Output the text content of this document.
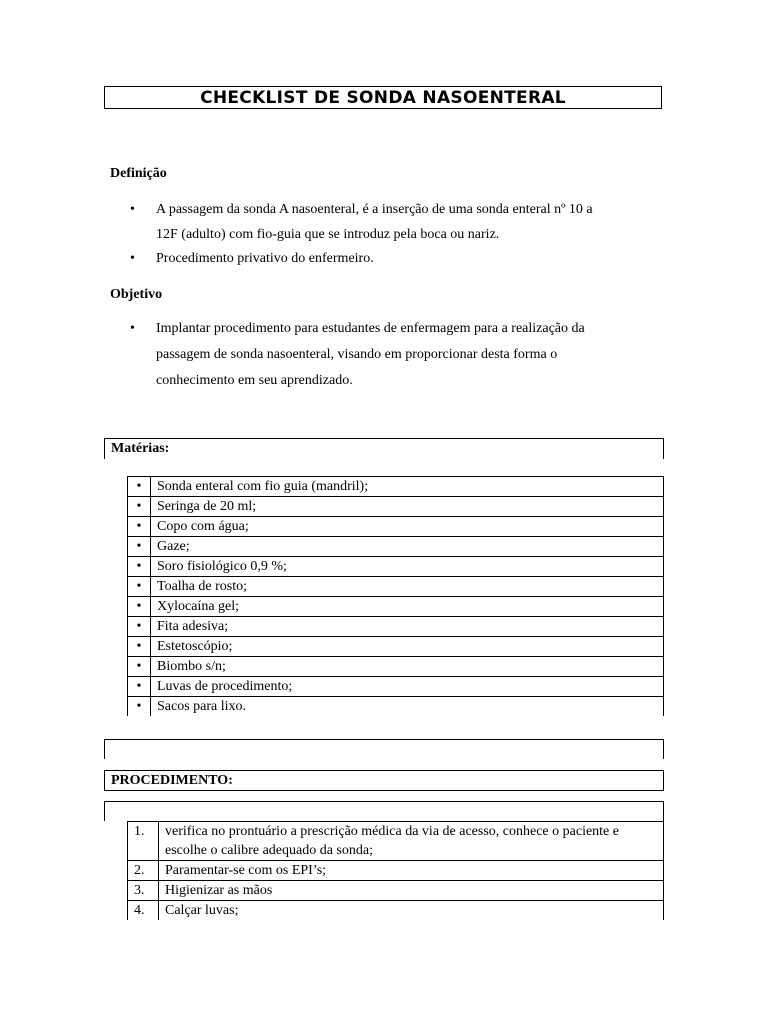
CHECKLIST DE SONDA NASOENTERAL
Definição
• A passagem da sonda A nasoenteral, é a inserção de uma sonda enteral nº 10 a
12F (adulto) com fio-guia que se introduz pela boca ou nariz.
• Procedimento privativo do enfermeiro.
Objetivo
• Implantar procedimento para estudantes de enfermagem para a realização da
passagem de sonda nasoenteral, visando em proporcionar desta forma o
conhecimento em seu aprendizado.
Matérias:
•	Sonda enteral com fio guia (mandril);
•	Seringa de 20 ml;
•	Copo com água;
•	Gaze;
•	Soro fisiológico 0,9 %;
•	Toalha de rosto;
•	Xylocaína gel;
•	Fita adesiva;
•	Estetoscópio;
•	Biombo s/n;
•	Luvas de procedimento;
•	Sacos para lixo.
PROCEDIMENTO:
1.	verifica no prontuário a prescrição médica da via de acesso, conhece o paciente e
escolhe o calibre adequado da sonda;

2.	Paramentar-se com os EPI’s;
3.	Higienizar as mãos
4.	Calçar luvas;
